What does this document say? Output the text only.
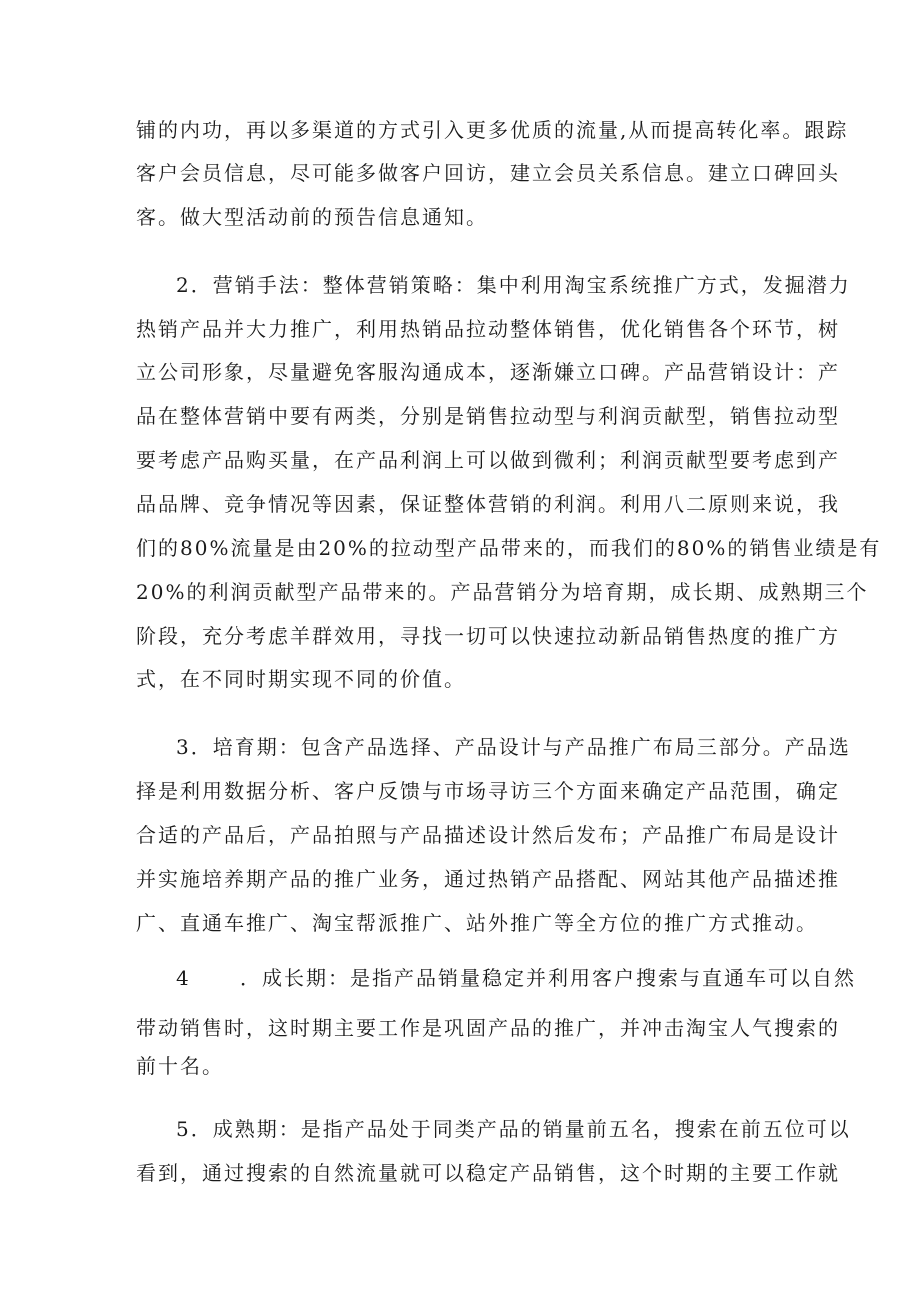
铺的内功，再以多渠道的方式引入更多优质的流量,从而提高转化率。跟踪
客户会员信息，尽可能多做客户回访，建立会员关系信息。建立口碑回头
客。做大型活动前的预告信息通知。
2．营销手法：整体营销策略：集中利用淘宝系统推广方式，发掘潜力
热销产品并大力推广，利用热销品拉动整体销售，优化销售各个环节，树
立公司形象，尽量避免客服沟通成本，逐渐嫌立口碑。产品营销设计：产
品在整体营销中要有两类，分别是销售拉动型与利润贡献型，销售拉动型
要考虑产品购买量，在产品利润上可以做到微利；利润贡献型要考虑到产
品品牌、竞争情况等因素，保证整体营销的利润。利用八二原则来说，我
们的80%流量是由20%的拉动型产品带来的，而我们的80%的销售业绩是有
20%的利润贡献型产品带来的。产品营销分为培育期，成长期、成熟期三个
阶段，充分考虑羊群效用，寻找一切可以快速拉动新品销售热度的推广方
式，在不同时期实现不同的价值。
3．培育期：包含产品选择、产品设计与产品推广布局三部分。产品选
择是利用数据分析、客户反馈与市场寻访三个方面来确定产品范围，确定
合适的产品后，产品拍照与产品描述设计然后发布；产品推广布局是设计
并实施培养期产品的推广业务，通过热销产品搭配、网站其他产品描述推
广、直通车推广、淘宝帮派推广、站外推广等全方位的推广方式推动。
4	．成长期：是指产品销量稳定并利用客户搜索与直通车可以自然
带动销售时，这时期主要工作是巩固产品的推广，并冲击淘宝人气搜索的
前十名。
5．成熟期：是指产品处于同类产品的销量前五名，搜索在前五位可以
看到，通过搜索的自然流量就可以稳定产品销售，这个时期的主要工作就
